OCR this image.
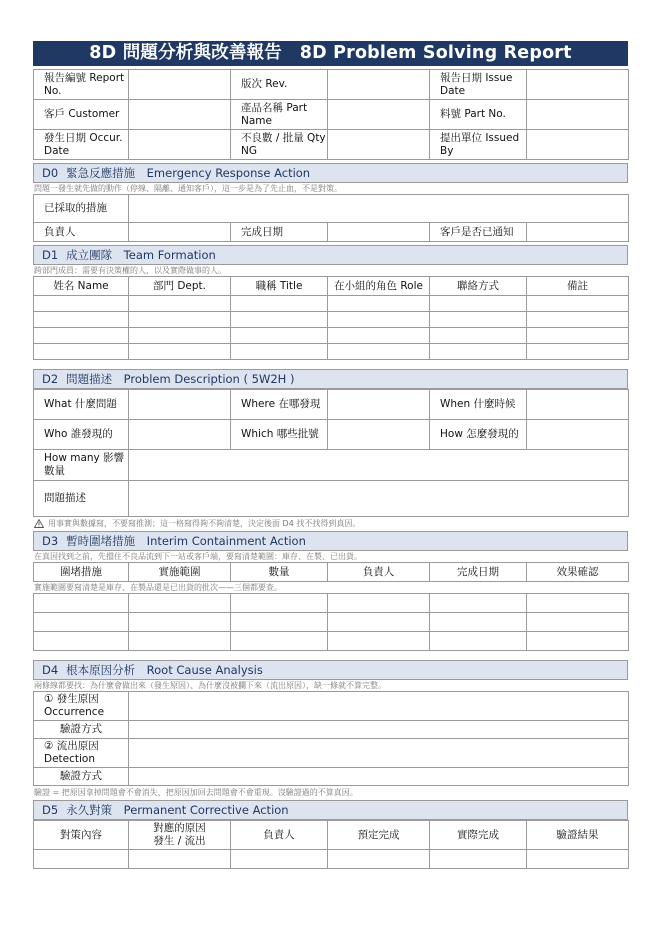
8D 問題分析與改善報告　8D Problem Solving Report
報告編號 Report No.		版次 Rev.		報告日期 Issue Date	
客戶 Customer		產品名稱 Part Name		料號 Part No.	
發生日期 Occur. Date		不良數 / 批量 Qty NG		提出單位 Issued By	
D0 緊急反應措施　Emergency Response Action
問題一發生就先做的動作（停線、隔離、通知客戶），這一步是為了先止血，不是對策。
已採取的措施					
負責人		完成日期		客戶是否已通知	
D1 成立團隊　Team Formation
跨部門成員：需要有決策權的人，以及實際做事的人。
姓名 Name	部門 Dept.	職稱 Title	在小組的角色 Role	聯絡方式	備註

D2 問題描述　Problem Description ( 5W2H )
What 什麼問題		Where 在哪發現		When 什麼時候	
Who 誰發現的		Which 哪些批號		How 怎麼發現的	
How many 影響數量					
問題描述					
用事實與數據寫，不要寫推測；這一格寫得夠不夠清楚，決定後面 D4 找不找得到真因。
D3 暫時圍堵措施　Interim Containment Action
在真因找到之前，先擋住不良品流到下一站或客戶端，要寫清楚範圍：庫存、在製、已出貨。
圍堵措施	實施範圍	數量	負責人	完成日期	效果確認
實施範圍要寫清楚是庫存、在製品還是已出貨的批次——三個都要查。

D4 根本原因分析　Root Cause Analysis
兩條線都要找：為什麼會做出來（發生原因）、為什麼沒被攔下來（流出原因），缺一條就不算完整。
① 發生原因 Occurrence	
驗證方式	
② 流出原因 Detection	
驗證方式	
驗證 = 把原因拿掉問題會不會消失，把原因加回去問題會不會重現。沒驗證過的不算真因。
D5 永久對策　Permanent Corrective Action
對策內容	對應的原因 發生 / 流出	負責人	預定完成	實際完成	驗證結果
